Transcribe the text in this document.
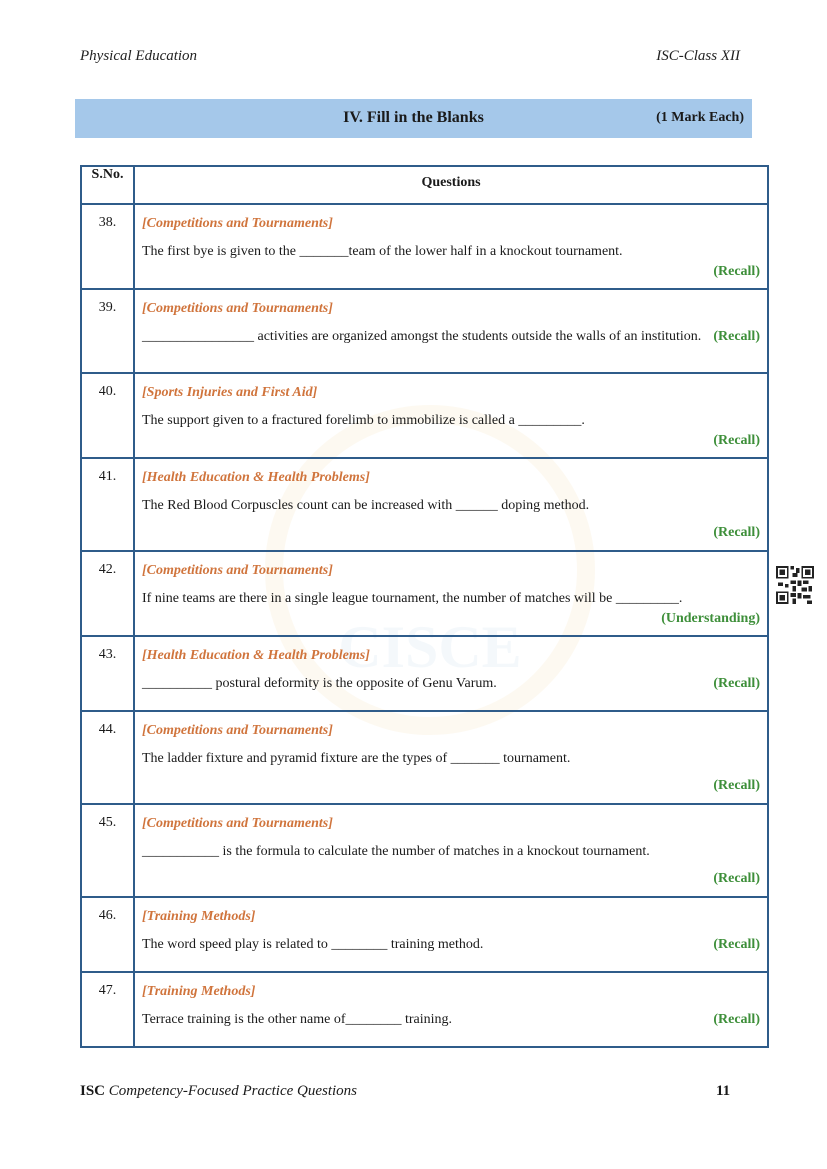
Physical Education	ISC-Class XII
IV. Fill in the Blanks	(1 Mark Each)
CISCE
S.No.	Questions
38.	[Competitions and Tournaments]
The first bye is given to the _______team of the lower half in a knockout tournament.
(Recall)

39.	[Competitions and Tournaments]
________________ activities are organized amongst the students outside the walls of an institution. (Recall)

40.	[Sports Injuries and First Aid]
The support given to a fractured forelimb to immobilize is called a _________.
(Recall)

41.	[Health Education & Health Problems]
The Red Blood Corpuscles count can be increased with ______ doping method.
(Recall)

42.	[Competitions and Tournaments]
If nine teams are there in a single league tournament, the number of matches will be _________.
(Understanding)

43.	[Health Education & Health Problems]
(Recall)
__________ postural deformity is the opposite of Genu Varum.

44.	[Competitions and Tournaments]
The ladder fixture and pyramid fixture are the types of _______ tournament.
(Recall)

45.	[Competitions and Tournaments]
___________ is the formula to calculate the number of matches in a knockout tournament.
(Recall)

46.	[Training Methods]
(Recall)
The word speed play is related to ________ training method.

47.	[Training Methods]
(Recall)
Terrace training is the other name of________ training.
ISC Competency-Focused Practice Questions	11
